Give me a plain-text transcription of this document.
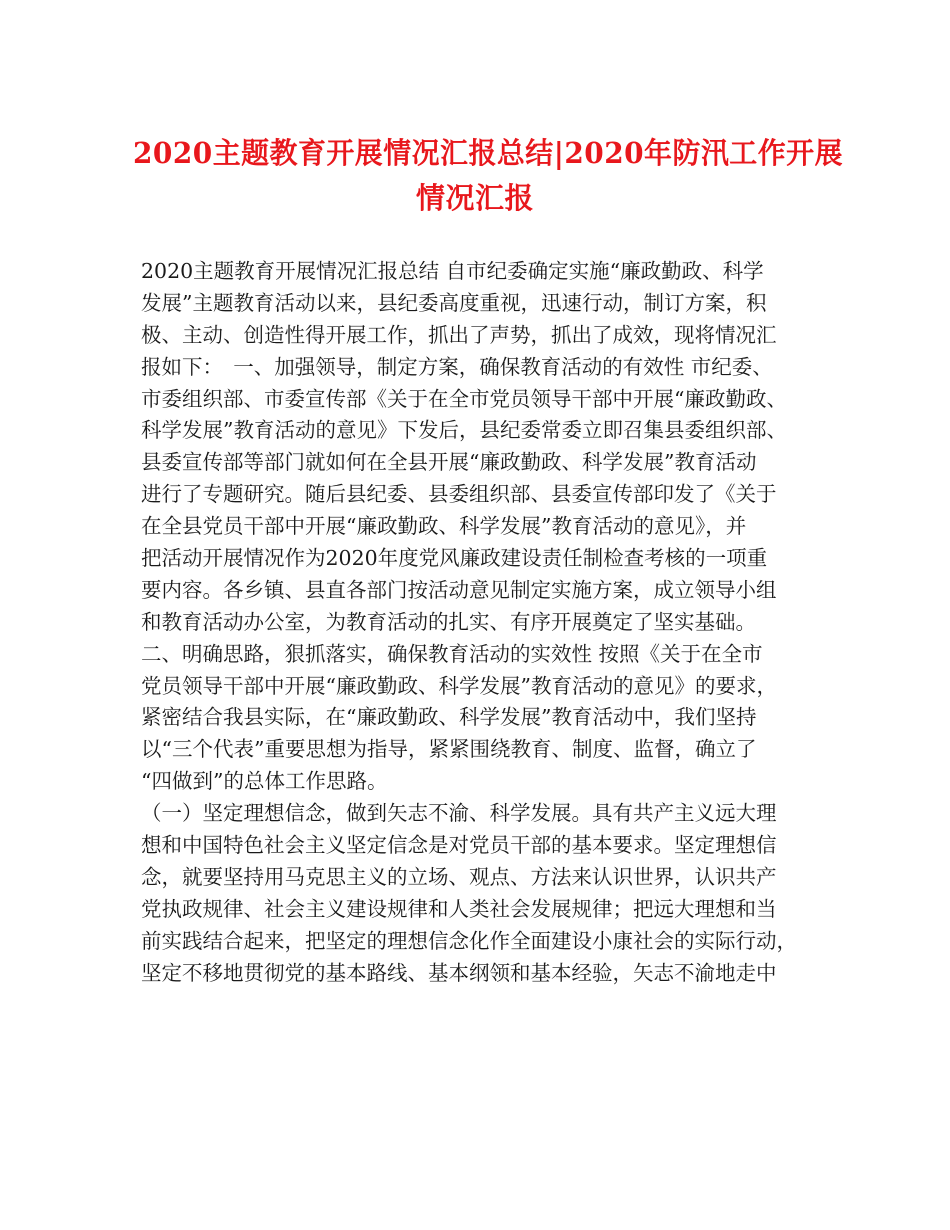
2020主题教育开展情况汇报总结|2020年防汛工作开展
情况汇报
2020主题教育开展情况汇报总结 自市纪委确定实施“廉政勤政、科学
发展”主题教育活动以来，县纪委高度重视，迅速行动，制订方案，积
极、主动、创造性得开展工作，抓出了声势，抓出了成效，现将情况汇
报如下：　一、加强领导，制定方案，确保教育活动的有效性 市纪委、
市委组织部、市委宣传部《关于在全市党员领导干部中开展“廉政勤政、
科学发展”教育活动的意见》下发后，县纪委常委立即召集县委组织部、
县委宣传部等部门就如何在全县开展“廉政勤政、科学发展”教育活动
进行了专题研究。随后县纪委、县委组织部、县委宣传部印发了《关于
在全县党员干部中开展“廉政勤政、科学发展”教育活动的意见》，并
把活动开展情况作为2020年度党风廉政建设责任制检查考核的一项重
要内容。各乡镇、县直各部门按活动意见制定实施方案，成立领导小组
和教育活动办公室，为教育活动的扎实、有序开展奠定了坚实基础。
二、明确思路，狠抓落实，确保教育活动的实效性 按照《关于在全市
党员领导干部中开展“廉政勤政、科学发展”教育活动的意见》的要求，
紧密结合我县实际，在“廉政勤政、科学发展”教育活动中，我们坚持
以“三个代表”重要思想为指导，紧紧围绕教育、制度、监督，确立了
“四做到”的总体工作思路。
（一）坚定理想信念，做到矢志不渝、科学发展。具有共产主义远大理
想和中国特色社会主义坚定信念是对党员干部的基本要求。坚定理想信
念，就要坚持用马克思主义的立场、观点、方法来认识世界，认识共产
党执政规律、社会主义建设规律和人类社会发展规律；把远大理想和当
前实践结合起来，把坚定的理想信念化作全面建设小康社会的实际行动，
坚定不移地贯彻党的基本路线、基本纲领和基本经验，矢志不渝地走中
